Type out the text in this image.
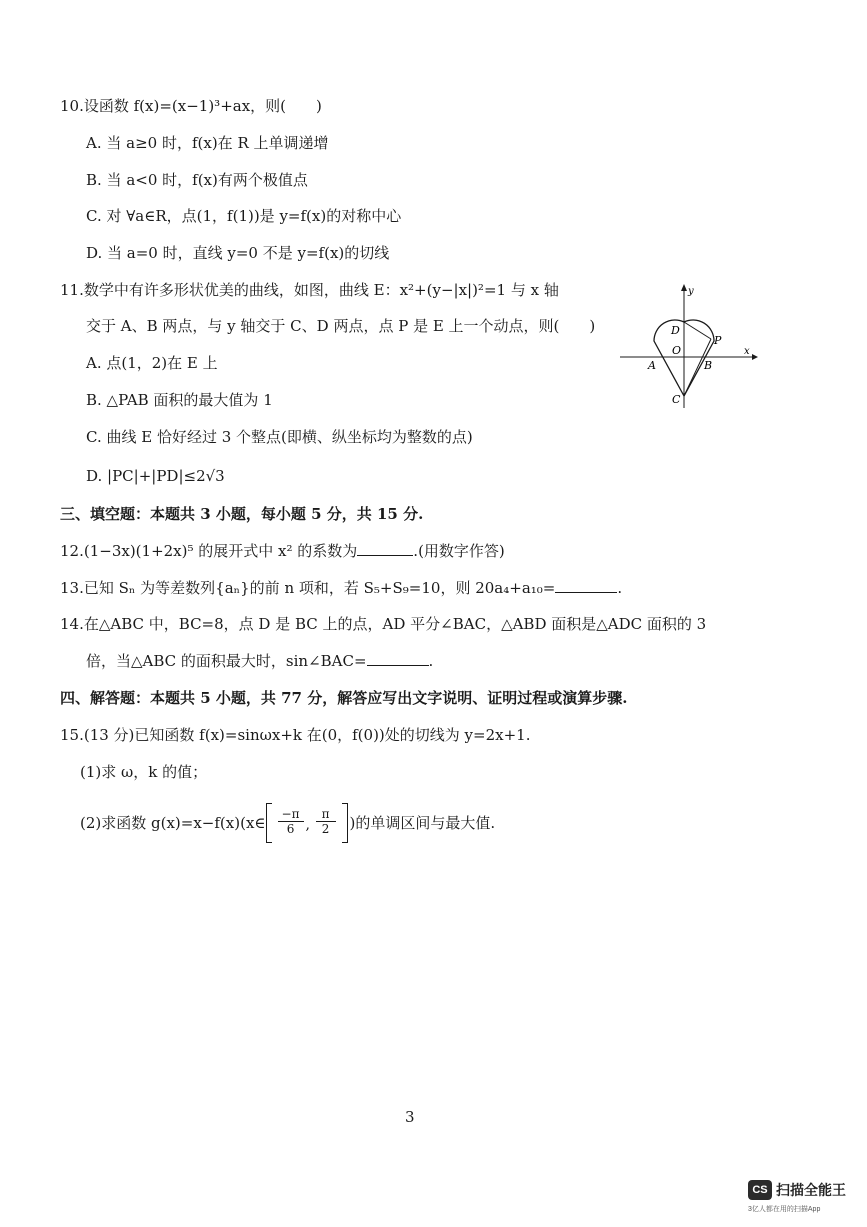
10.设函数 f(x)=(x−1)³+ax，则(　　)
A. 当 a≥0 时，f(x)在 R 上单调递增
B. 当 a<0 时，f(x)有两个极值点
C. 对 ∀a∈R，点(1，f(1))是 y=f(x)的对称中心
D. 当 a=0 时，直线 y=0 不是 y=f(x)的切线
11.数学中有许多形状优美的曲线，如图，曲线 E：x²+(y−|x|)²=1 与 x 轴
交于 A、B 两点，与 y 轴交于 C、D 两点，点 P 是 E 上一个动点，则(　　)
A. 点(1，2)在 E 上
B. △PAB 面积的最大值为 1
C. 曲线 E 恰好经过 3 个整点(即横、纵坐标均为整数的点)
D. |PC|+|PD|≤2√3
y
x
O
A	B
C
D
P
三、填空题：本题共 3 小题，每小题 5 分，共 15 分.
12.(1−3x)(1+2x)⁵ 的展开式中 x² 的系数为	.(用数字作答)
13.已知 Sₙ 为等差数列{aₙ}的前 n 项和，若 S₅+S₉=10，则 20a₄+a₁₀=	.
14.在△ABC 中，BC=8，点 D 是 BC 上的点，AD 平分∠BAC，△ABD 面积是△ADC 面积的 3
倍，当△ABC 的面积最大时，sin∠BAC=	.
四、解答题：本题共 5 小题，共 77 分，解答应写出文字说明、证明过程或演算步骤.
15.(13 分)已知函数 f(x)=sinωx+k 在(0，f(0))处的切线为 y=2x+1.
(1)求 ω，k 的值；
(2)求函数 g(x)=x−f(x)(x∈ $\frac{-\pi}{6}$ , $\frac{\pi}{2}$ )的单调区间与最大值.
3
CS 扫描全能王
3亿人都在用的扫描App
